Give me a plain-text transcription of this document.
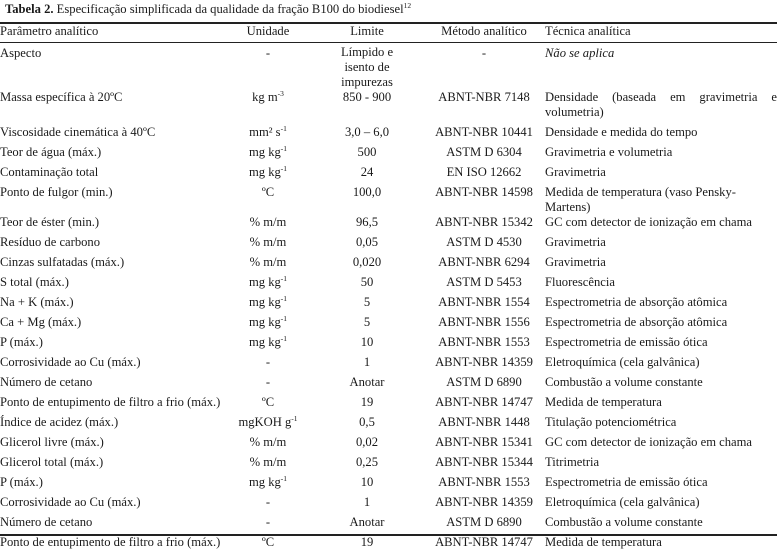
Tabela 2. Especificação simplificada da qualidade da fração B100 do biodiesel$^{12}$
Parâmetro analítico	Unidade	Limite	Método analítico	Técnica analítica
Aspecto	-	Límpido e isento de impurezas	-	Não se aplica
Massa específica à 20ºC	kg $m^{-3}$	850 - 900	ABNT-NBR 7148	Densidade (baseada em gravimetria e volumetria)
Viscosidade cinemática à 40ºC	mm² $s^{-1}$	3,0 – 6,0	ABNT-NBR 10441	Densidade e medida do tempo
Teor de água (máx.)	mg $kg^{-1}$	500	ASTM D 6304	Gravimetria e volumetria
Contaminação total	mg $kg^{-1}$	24	EN ISO 12662	Gravimetria
Ponto de fulgor (min.)	ºC	100,0	ABNT-NBR 14598	Medida de temperatura (vaso Pensky-Martens)
Teor de éster (min.)	% m/m	96,5	ABNT-NBR 15342	GC com detector de ionização em chama
Resíduo de carbono	% m/m	0,05	ASTM D 4530	Gravimetria
Cinzas sulfatadas (máx.)	% m/m	0,020	ABNT-NBR 6294	Gravimetria
S total (máx.)	mg $kg^{-1}$	50	ASTM D 5453	Fluorescência
Na + K (máx.)	mg $kg^{-1}$	5	ABNT-NBR 1554	Espectrometria de absorção atômica
Ca + Mg (máx.)	mg $kg^{-1}$	5	ABNT-NBR 1556	Espectrometria de absorção atômica
P (máx.)	mg $kg^{-1}$	10	ABNT-NBR 1553	Espectrometria de emissão ótica
Corrosividade ao Cu (máx.)	-	1	ABNT-NBR 14359	Eletroquímica (cela galvânica)
Número de cetano	-	Anotar	ASTM D 6890	Combustão a volume constante
Ponto de entupimento de filtro a frio (máx.)	ºC	19	ABNT-NBR 14747	Medida de temperatura
Índice de acidez (máx.)	mgKOH $g^{-1}$	0,5	ABNT-NBR 1448	Titulação potenciométrica
Glicerol livre (máx.)	% m/m	0,02	ABNT-NBR 15341	GC com detector de ionização em chama
Glicerol total (máx.)	% m/m	0,25	ABNT-NBR 15344	Titrimetria
P (máx.)	mg $kg^{-1}$	10	ABNT-NBR 1553	Espectrometria de emissão ótica
Corrosividade ao Cu (máx.)	-	1	ABNT-NBR 14359	Eletroquímica (cela galvânica)
Número de cetano	-	Anotar	ASTM D 6890	Combustão a volume constante
Ponto de entupimento de filtro a frio (máx.)	ºC	19	ABNT-NBR 14747	Medida de temperatura
